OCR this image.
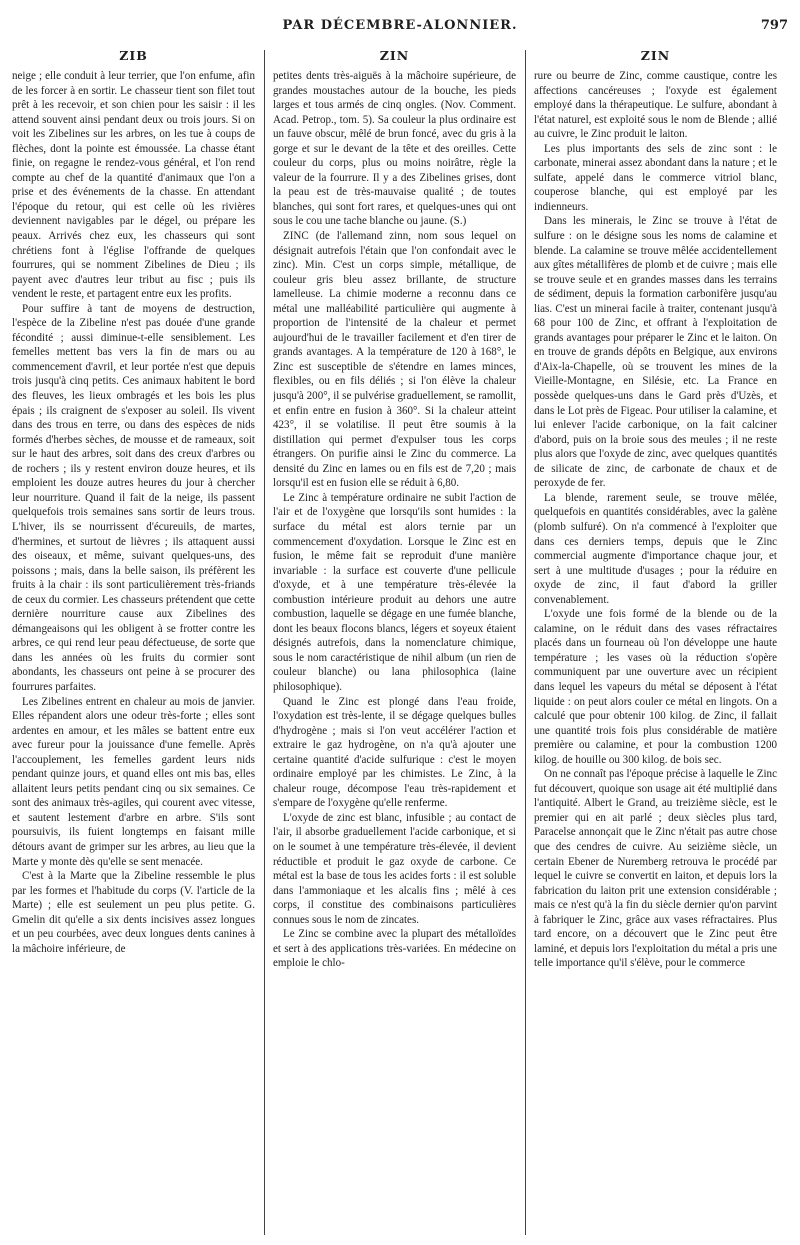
PAR DÉCEMBRE-ALONNIER.	797
ZIB

neige ; elle conduit à leur terrier, que l'on enfume, afin de les forcer à en sortir. Le chasseur tient son filet tout prêt à les recevoir, et son chien pour les saisir : il les attend souvent ainsi pendant deux ou trois jours. Si on voit les Zibelines sur les arbres, on les tue à coups de flèches, dont la pointe est émoussée. La chasse étant finie, on regagne le rendez-vous général, et l'on rend compte au chef de la quantité d'animaux que l'on a prise et des événements de la chasse. En attendant l'époque du retour, qui est celle où les rivières deviennent navigables par le dégel, ou prépare les peaux. Arrivés chez eux, les chasseurs qui sont chrétiens font à l'église l'offrande de quelques fourrures, qui se nomment Zibelines de Dieu ; ils payent avec d'autres leur tribut au fisc ; puis ils vendent le reste, et partagent entre eux les profits.

Pour suffire à tant de moyens de destruction, l'espèce de la Zibeline n'est pas douée d'une grande fécondité ; aussi diminue-t-elle sensiblement. Les femelles mettent bas vers la fin de mars ou au commencement d'avril, et leur portée n'est que depuis trois jusqu'à cinq petits. Ces animaux habitent le bord des fleuves, les lieux ombragés et les bois les plus épais ; ils craignent de s'exposer au soleil. Ils vivent dans des trous en terre, ou dans des espèces de nids formés d'herbes sèches, de mousse et de rameaux, soit sur le haut des arbres, soit dans des creux d'arbres ou de rochers ; ils y restent environ douze heures, et ils emploient les douze autres heures du jour à chercher leur nourriture. Quand il fait de la neige, ils passent quelquefois trois semaines sans sortir de leurs trous. L'hiver, ils se nourrissent d'écureuils, de martes, d'hermines, et surtout de lièvres ; ils attaquent aussi des oiseaux, et même, suivant quelques-uns, des poissons ; mais, dans la belle saison, ils préfèrent les fruits à la chair : ils sont particulièrement très-friands de ceux du cormier. Les chasseurs prétendent que cette dernière nourriture cause aux Zibelines des démangeaisons qui les obligent à se frotter contre les arbres, ce qui rend leur peau défectueuse, de sorte que dans les années où les fruits du cormier sont abondants, les chasseurs ont peine à se procurer des fourrures parfaites.

Les Zibelines entrent en chaleur au mois de janvier. Elles répandent alors une odeur très-forte ; elles sont ardentes en amour, et les mâles se battent entre eux avec fureur pour la jouissance d'une femelle. Après l'accouplement, les femelles gardent leurs nids pendant quinze jours, et quand elles ont mis bas, elles allaitent leurs petits pendant cinq ou six semaines. Ce sont des animaux très-agiles, qui courent avec vitesse, et sautent lestement d'arbre en arbre. S'ils sont poursuivis, ils fuient longtemps en faisant mille détours avant de grimper sur les arbres, au lieu que la Marte y monte dès qu'elle se sent menacée.

C'est à la Marte que la Zibeline ressemble le plus par les formes et l'habitude du corps (V. l'article de la Marte) ; elle est seulement un peu plus petite. G. Gmelin dit qu'elle a six dents incisives assez longues et un peu courbées, avec deux longues dents canines à la mâchoire inférieure, de

ZIN

petites dents très-aiguës à la mâchoire supérieure, de grandes moustaches autour de la bouche, les pieds larges et tous armés de cinq ongles. (Nov. Comment. Acad. Petrop., tom. 5). Sa couleur la plus ordinaire est un fauve obscur, mêlé de brun foncé, avec du gris à la gorge et sur le devant de la tête et des oreilles. Cette couleur du corps, plus ou moins noirâtre, règle la valeur de la fourrure. Il y a des Zibelines grises, dont la peau est de très-mauvaise qualité ; de toutes blanches, qui sont fort rares, et quelques-unes qui ont sous le cou une tache blanche ou jaune. (S.)

ZINC (de l'allemand zinn, nom sous lequel on désignait autrefois l'étain que l'on confondait avec le zinc). Min. C'est un corps simple, métallique, de couleur gris bleu assez brillante, de structure lamelleuse. La chimie moderne a reconnu dans ce métal une malléabilité particulière qui augmente à proportion de l'intensité de la chaleur et permet aujourd'hui de le travailler facilement et d'en tirer de grands avantages. A la température de 120 à 168°, le Zinc est susceptible de s'étendre en lames minces, flexibles, ou en fils déliés ; si l'on élève la chaleur jusqu'à 200°, il se pulvérise graduellement, se ramollit, et enfin entre en fusion à 360°. Si la chaleur atteint 423°, il se volatilise. Il peut être soumis à la distillation qui permet d'expulser tous les corps étrangers. On purifie ainsi le Zinc du commerce. La densité du Zinc en lames ou en fils est de 7,20 ; mais lorsqu'il est en fusion elle se réduit à 6,80.

Le Zinc à température ordinaire ne subit l'action de l'air et de l'oxygène que lorsqu'ils sont humides : la surface du métal est alors ternie par un commencement d'oxydation. Lorsque le Zinc est en fusion, le même fait se reproduit d'une manière invariable : la surface est couverte d'une pellicule d'oxyde, et à une température très-élevée la combustion intérieure produit au dehors une autre combustion, laquelle se dégage en une fumée blanche, dont les beaux flocons blancs, légers et soyeux étaient désignés autrefois, dans la nomenclature chimique, sous le nom caractéristique de nihil album (un rien de couleur blanche) ou lana philosophica (laine philosophique).

Quand le Zinc est plongé dans l'eau froide, l'oxydation est très-lente, il se dégage quelques bulles d'hydrogène ; mais si l'on veut accélérer l'action et extraire le gaz hydrogène, on n'a qu'à ajouter une certaine quantité d'acide sulfurique : c'est le moyen ordinaire employé par les chimistes. Le Zinc, à la chaleur rouge, décompose l'eau très-rapidement et s'empare de l'oxygène qu'elle renferme.

L'oxyde de zinc est blanc, infusible ; au contact de l'air, il absorbe graduellement l'acide carbonique, et si on le soumet à une température très-élevée, il devient réductible et produit le gaz oxyde de carbone. Ce métal est la base de tous les acides forts : il est soluble dans l'ammoniaque et les alcalis fins ; mêlé à ces corps, il constitue des combinaisons particulières connues sous le nom de zincates.

Le Zinc se combine avec la plupart des métalloïdes et sert à des applications très-variées. En médecine on emploie le chlo-

ZIN

rure ou beurre de Zinc, comme caustique, contre les affections cancéreuses ; l'oxyde est également employé dans la thérapeutique. Le sulfure, abondant à l'état naturel, est exploité sous le nom de Blende ; allié au cuivre, le Zinc produit le laiton.

Les plus importants des sels de zinc sont : le carbonate, minerai assez abondant dans la nature ; et le sulfate, appelé dans le commerce vitriol blanc, couperose blanche, qui est employé par les indienneurs.

Dans les minerais, le Zinc se trouve à l'état de sulfure : on le désigne sous les noms de calamine et blende. La calamine se trouve mêlée accidentellement aux gîtes métallifères de plomb et de cuivre ; mais elle se trouve seule et en grandes masses dans les terrains de sédiment, depuis la formation carbonifère jusqu'au lias. C'est un minerai facile à traiter, contenant jusqu'à 68 pour 100 de Zinc, et offrant à l'exploitation de grands avantages pour préparer le Zinc et le laiton. On en trouve de grands dépôts en Belgique, aux environs d'Aix-la-Chapelle, où se trouvent les mines de la Vieille-Montagne, en Silésie, etc. La France en possède quelques-uns dans le Gard près d'Uzès, et dans le Lot près de Figeac. Pour utiliser la calamine, et lui enlever l'acide carbonique, on la fait calciner d'abord, puis on la broie sous des meules ; il ne reste plus alors que l'oxyde de zinc, avec quelques quantités de silicate de zinc, de carbonate de chaux et de peroxyde de fer.

La blende, rarement seule, se trouve mêlée, quelquefois en quantités considérables, avec la galène (plomb sulfuré). On n'a commencé à l'exploiter que dans ces derniers temps, depuis que le Zinc commercial augmente d'importance chaque jour, et sert à une multitude d'usages ; pour la réduire en oxyde de zinc, il faut d'abord la griller convenablement.

L'oxyde une fois formé de la blende ou de la calamine, on le réduit dans des vases réfractaires placés dans un fourneau où l'on développe une haute température ; les vases où la réduction s'opère communiquent par une ouverture avec un récipient dans lequel les vapeurs du métal se déposent à l'état liquide : on peut alors couler ce métal en lingots. On a calculé que pour obtenir 100 kilog. de Zinc, il fallait une quantité trois fois plus considérable de matière première ou calamine, et pour la combustion 1200 kilog. de houille ou 300 kilog. de bois sec.

On ne connaît pas l'époque précise à laquelle le Zinc fut découvert, quoique son usage ait été multiplié dans l'antiquité. Albert le Grand, au treizième siècle, est le premier qui en ait parlé ; deux siècles plus tard, Paracelse annonçait que le Zinc n'était pas autre chose que des cendres de cuivre. Au seizième siècle, un certain Ebener de Nuremberg retrouva le procédé par lequel le cuivre se convertit en laiton, et depuis lors la fabrication du laiton prit une extension considérable ; mais ce n'est qu'à la fin du siècle dernier qu'on parvint à fabriquer le Zinc, grâce aux vases réfractaires. Plus tard encore, on a découvert que le Zinc peut être laminé, et depuis lors l'exploitation du métal a pris une telle importance qu'il s'élève, pour le commerce
